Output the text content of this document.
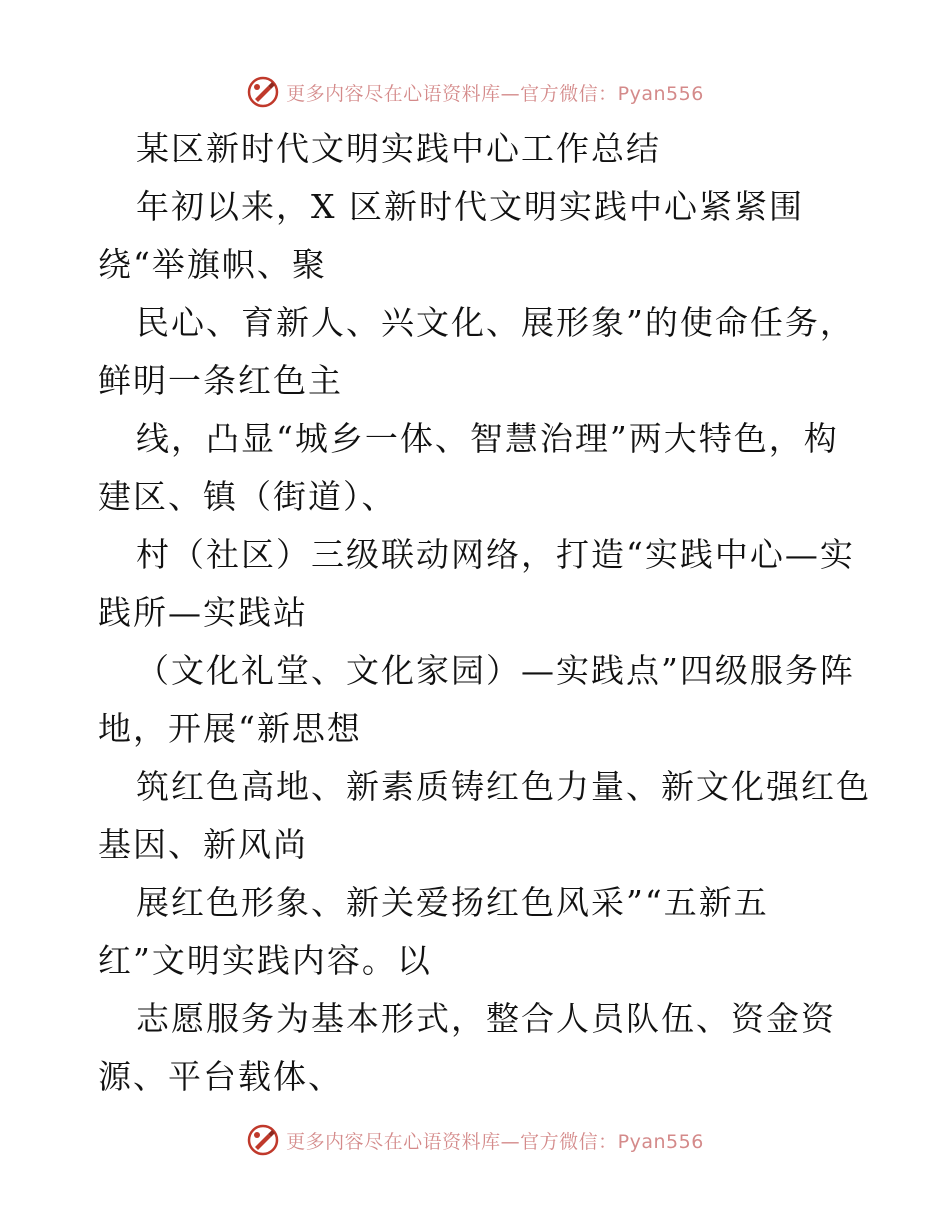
更多内容尽在心语资料库—官方微信：Pyan556
某区新时代文明实践中心工作总结
年初以来，X 区新时代文明实践中心紧紧围
绕“举旗帜、聚
民心、育新人、兴文化、展形象”的使命任务，
鲜明一条红色主
线，凸显“城乡一体、智慧治理”两大特色，构
建区、镇（街道）、
村（社区）三级联动网络，打造“实践中心—实
践所—实践站
（文化礼堂、文化家园）—实践点”四级服务阵
地，开展“新思想
筑红色高地、新素质铸红色力量、新文化强红色
基因、新风尚
展红色形象、新关爱扬红色风采”“五新五
红”文明实践内容。以
志愿服务为基本形式，整合人员队伍、资金资
源、平台载体、
更多内容尽在心语资料库—官方微信：Pyan556
